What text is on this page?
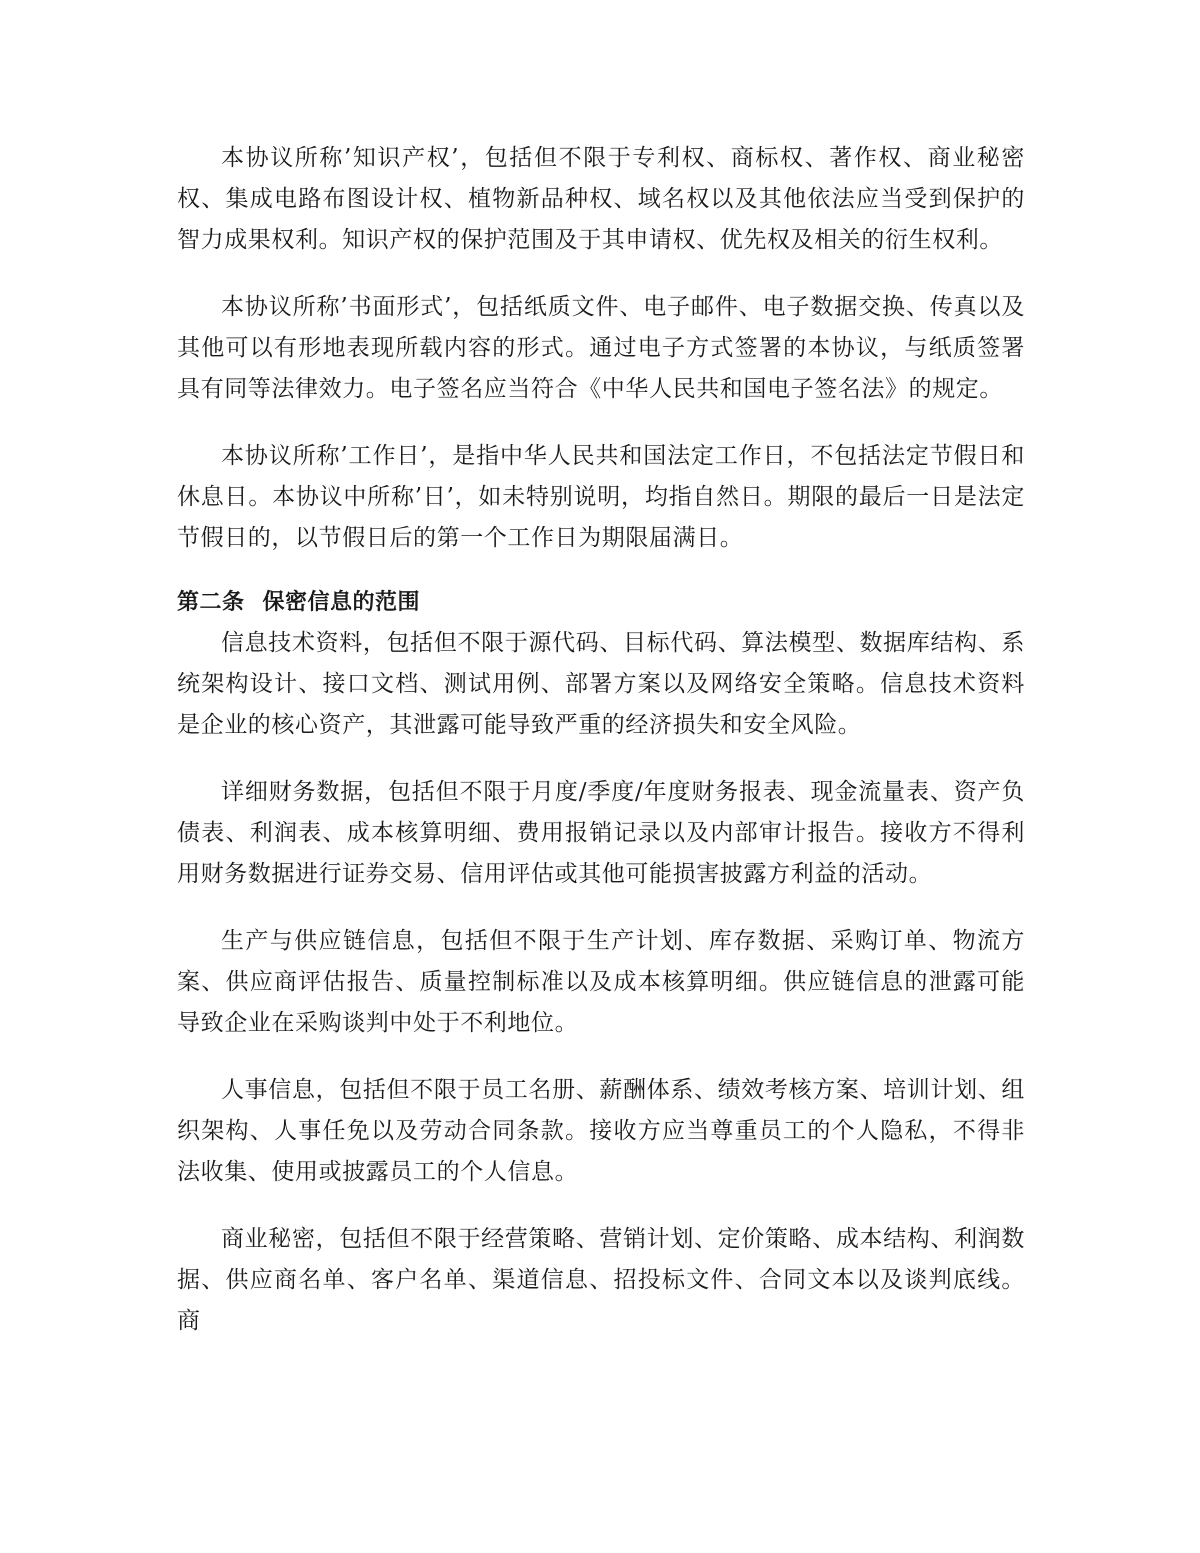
本协议所称’知识产权’，包括但不限于专利权、商标权、著作权、商业秘密权、集成电路布图设计权、植物新品种权、域名权以及其他依法应当受到保护的智力成果权利。知识产权的保护范围及于其申请权、优先权及相关的衍生权利。

本协议所称’书面形式’，包括纸质文件、电子邮件、电子数据交换、传真以及其他可以有形地表现所载内容的形式。通过电子方式签署的本协议，与纸质签署具有同等法律效力。电子签名应当符合《中华人民共和国电子签名法》的规定。

本协议所称’工作日’，是指中华人民共和国法定工作日，不包括法定节假日和休息日。本协议中所称’日’，如未特别说明，均指自然日。期限的最后一日是法定节假日的，以节假日后的第一个工作日为期限届满日。

第二条 保密信息的范围

信息技术资料，包括但不限于源代码、目标代码、算法模型、数据库结构、系统架构设计、接口文档、测试用例、部署方案以及网络安全策略。信息技术资料是企业的核心资产，其泄露可能导致严重的经济损失和安全风险。

详细财务数据，包括但不限于月度/季度/年度财务报表、现金流量表、资产负债表、利润表、成本核算明细、费用报销记录以及内部审计报告。接收方不得利用财务数据进行证券交易、信用评估或其他可能损害披露方利益的活动。

生产与供应链信息，包括但不限于生产计划、库存数据、采购订单、物流方案、供应商评估报告、质量控制标准以及成本核算明细。供应链信息的泄露可能导致企业在采购谈判中处于不利地位。

人事信息，包括但不限于员工名册、薪酬体系、绩效考核方案、培训计划、组织架构、人事任免以及劳动合同条款。接收方应当尊重员工的个人隐私，不得非法收集、使用或披露员工的个人信息。

商业秘密，包括但不限于经营策略、营销计划、定价策略、成本结构、利润数据、供应商名单、客户名单、渠道信息、招投标文件、合同文本以及谈判底线。商
